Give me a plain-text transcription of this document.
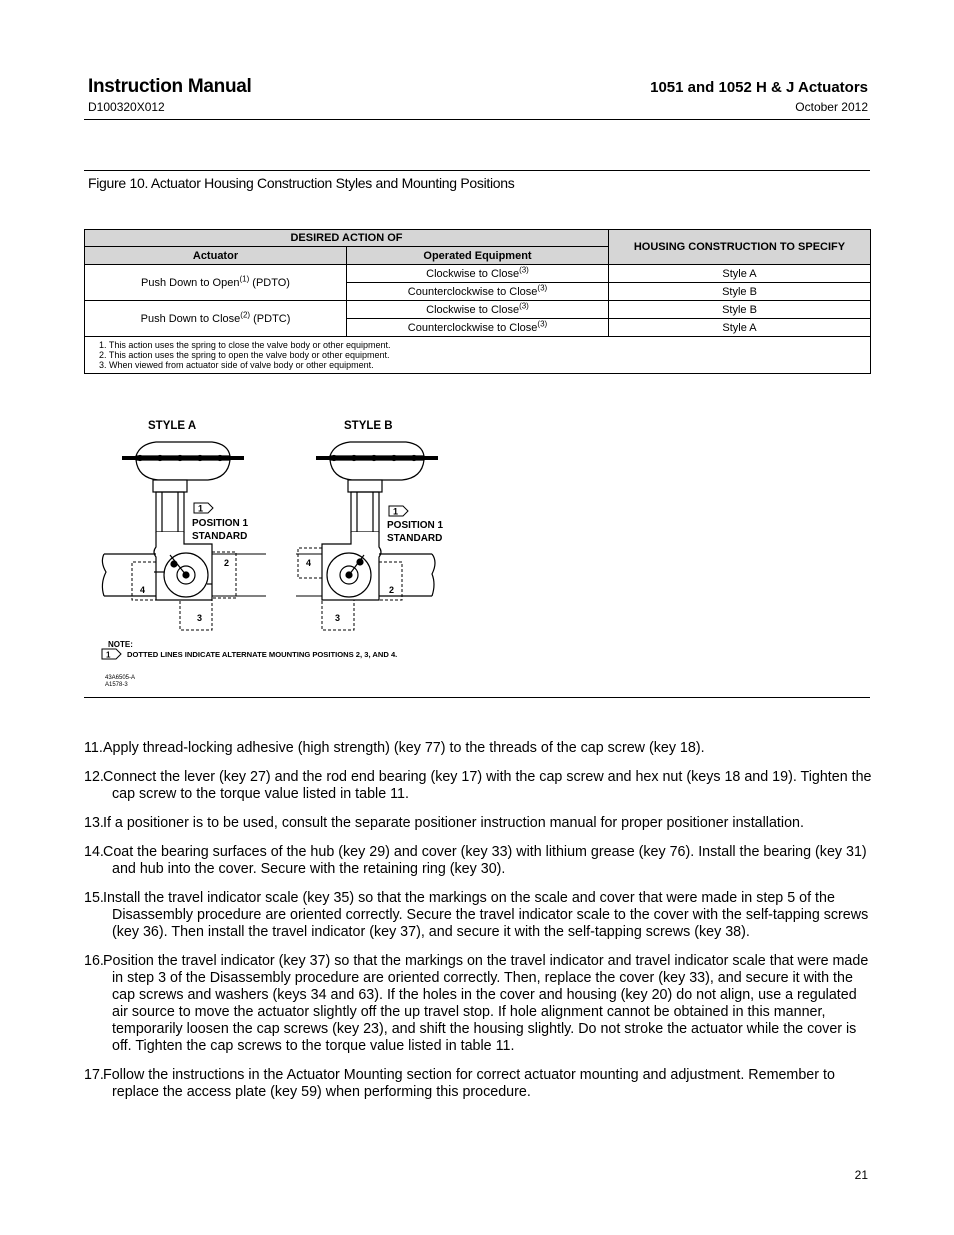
Instruction Manual
D100320X012
1051 and 1052 H & J Actuators
October 2012
Figure 10. Actuator Housing Construction Styles and Mounting Positions
DESIRED ACTION OF		HOUSING CONSTRUCTION TO SPECIFY
Actuator	Operated Equipment	
Push Down to Open$^{(1)}$ (PDTO)	Clockwise to Close$^{(3)}$	Style A
	Counterclockwise to Close$^{(3)}$	Style B
Push Down to Close$^{(2)}$ (PDTC)	Clockwise to Close$^{(3)}$	Style B
	Counterclockwise to Close$^{(3)}$	Style A

1. This action uses the spring to close the valve body or other equipment.
2. This action uses the spring to open the valve body or other equipment.
3. When viewed from actuator side of valve body or other equipment.		
STYLE A	STYLE B
1
POSITION 1
STANDARD
1
POSITION 1
STANDARD
2
4
3
4
2
3
NOTE:
1 DOTTED LINES INDICATE ALTERNATE MOUNTING POSITIONS 2, 3, AND 4.
43A6505-A
A1578-3
11. Apply thread-locking adhesive (high strength) (key 77) to the threads of the cap screw (key 18).
12. Connect the lever (key 27) and the rod end bearing (key 17) with the cap screw and hex nut (keys 18 and 19). Tighten the cap screw to the torque value listed in table 11.
13. If a positioner is to be used, consult the separate positioner instruction manual for proper positioner installation.
14. Coat the bearing surfaces of the hub (key 29) and cover (key 33) with lithium grease (key 76). Install the bearing (key 31) and hub into the cover. Secure with the retaining ring (key 30).
15. Install the travel indicator scale (key 35) so that the markings on the scale and cover that were made in step 5 of the Disassembly procedure are oriented correctly. Secure the travel indicator scale to the cover with the self-tapping screws (key 36). Then install the travel indicator (key 37), and secure it with the self-tapping screws (key 38).
16. Position the travel indicator (key 37) so that the markings on the travel indicator and travel indicator scale that were made in step 3 of the Disassembly procedure are oriented correctly. Then, replace the cover (key 33), and secure it with the cap screws and washers (keys 34 and 63). If the holes in the cover and housing (key 20) do not align, use a regulated air source to move the actuator slightly off the up travel stop. If hole alignment cannot be obtained in this manner, temporarily loosen the cap screws (key 23), and shift the housing slightly. Do not stroke the actuator while the cover is off. Tighten the cap screws to the torque value listed in table 11.
17. Follow the instructions in the Actuator Mounting section for correct actuator mounting and adjustment. Remember to replace the access plate (key 59) when performing this procedure.
21
